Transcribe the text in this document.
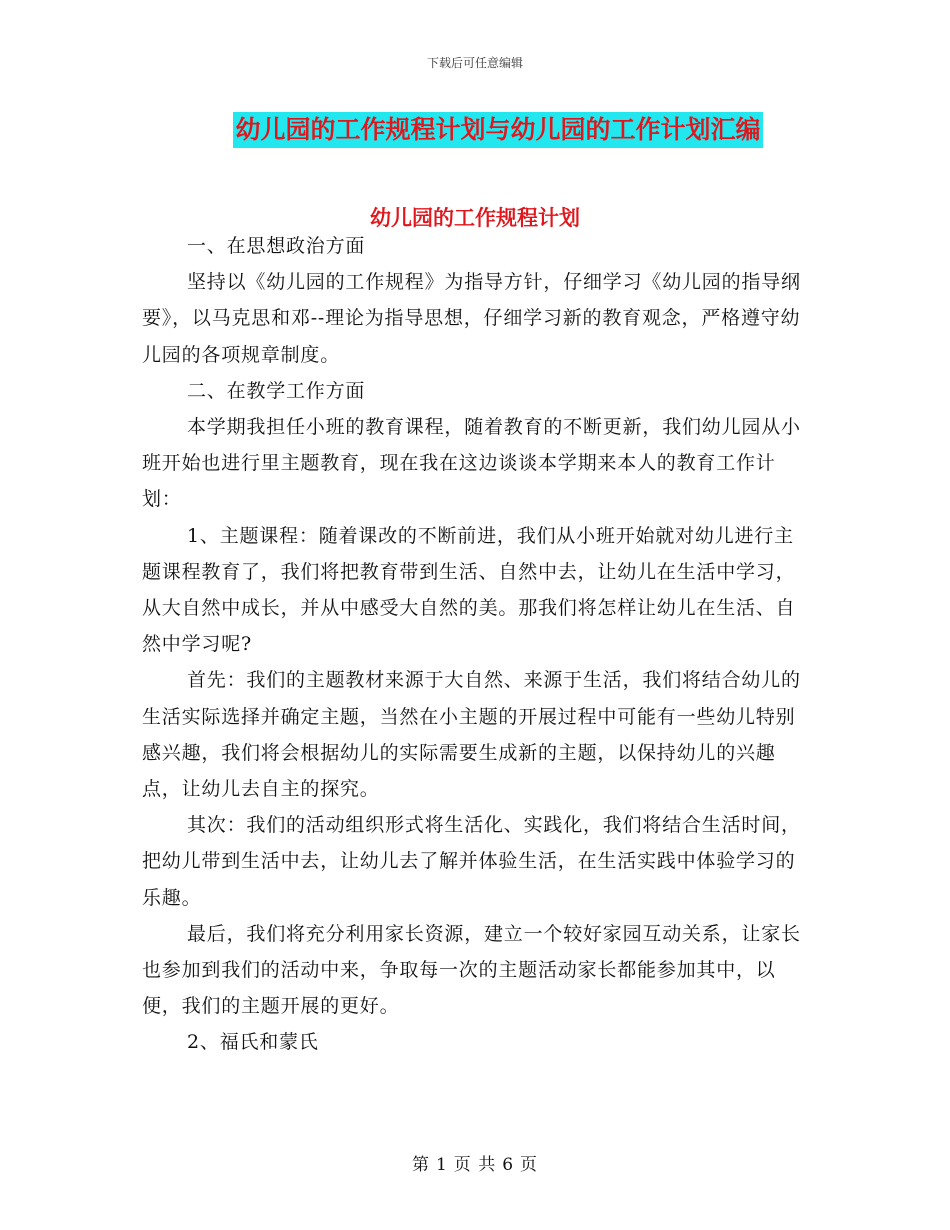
下载后可任意编辑
幼儿园的工作规程计划与幼儿园的工作计划汇编
幼儿园的工作规程计划

一、在思想政治方面

坚持以《幼儿园的工作规程》为指导方针，仔细学习《幼儿园的指导纲要》，以马克思和邓--理论为指导思想，仔细学习新的教育观念，严格遵守幼儿园的各项规章制度。

二、在教学工作方面

本学期我担任小班的教育课程，随着教育的不断更新，我们幼儿园从小班开始也进行里主题教育，现在我在这边谈谈本学期来本人的教育工作计划：

1、主题课程：随着课改的不断前进，我们从小班开始就对幼儿进行主题课程教育了，我们将把教育带到生活、自然中去，让幼儿在生活中学习，从大自然中成长，并从中感受大自然的美。那我们将怎样让幼儿在生活、自然中学习呢?

首先：我们的主题教材来源于大自然、来源于生活，我们将结合幼儿的生活实际选择并确定主题，当然在小主题的开展过程中可能有一些幼儿特别感兴趣，我们将会根据幼儿的实际需要生成新的主题，以保持幼儿的兴趣点，让幼儿去自主的探究。

其次：我们的活动组织形式将生活化、实践化，我们将结合生活时间，把幼儿带到生活中去，让幼儿去了解并体验生活，在生活实践中体验学习的乐趣。

最后，我们将充分利用家长资源，建立一个较好家园互动关系，让家长也参加到我们的活动中来，争取每一次的主题活动家长都能参加其中，以便，我们的主题开展的更好。

2、福氏和蒙氏

第 1 页 共 6 页
